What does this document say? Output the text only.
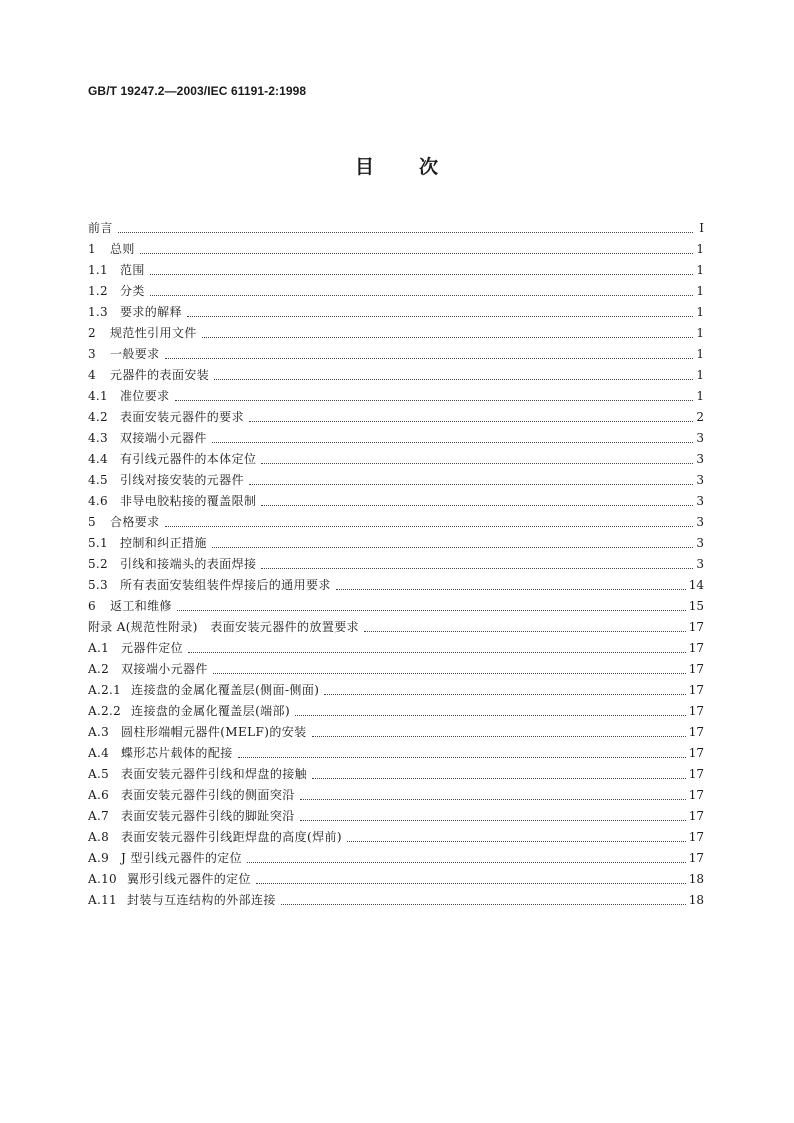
GB/T 19247.2—2003/IEC 61191-2:1998
目 次
前言	I
1 总则	1
1.1 范围	1
1.2 分类	1
1.3 要求的解释	1
2 规范性引用文件	1
3 一般要求	1
4 元器件的表面安装	1
4.1 准位要求	1
4.2 表面安装元器件的要求	2
4.3 双接端小元器件	3
4.4 有引线元器件的本体定位	3
4.5 引线对接安装的元器件	3
4.6 非导电胶粘接的覆盖限制	3
5 合格要求	3
5.1 控制和纠正措施	3
5.2 引线和接端头的表面焊接	3
5.3 所有表面安装组装件焊接后的通用要求	14
6 返工和维修	15
附录 A (规范性附录)　表面安装元器件的放置要求	17
A.1 元器件定位	17
A.2 双接端小元器件	17
A.2.1 连接盘的金属化覆盖层(侧面-侧面)	17
A.2.2 连接盘的金属化覆盖层(端部)	17
A.3 圆柱形端帽元器件(MELF)的安装	17
A.4 蝶形芯片载体的配接	17
A.5 表面安装元器件引线和焊盘的接触	17
A.6 表面安装元器件引线的侧面突沿	17
A.7 表面安装元器件引线的脚趾突沿	17
A.8 表面安装元器件引线距焊盘的高度(焊前)	17
A.9 J 型引线元器件的定位	17
A.10 翼形引线元器件的定位	18
A.11 封装与互连结构的外部连接	18
